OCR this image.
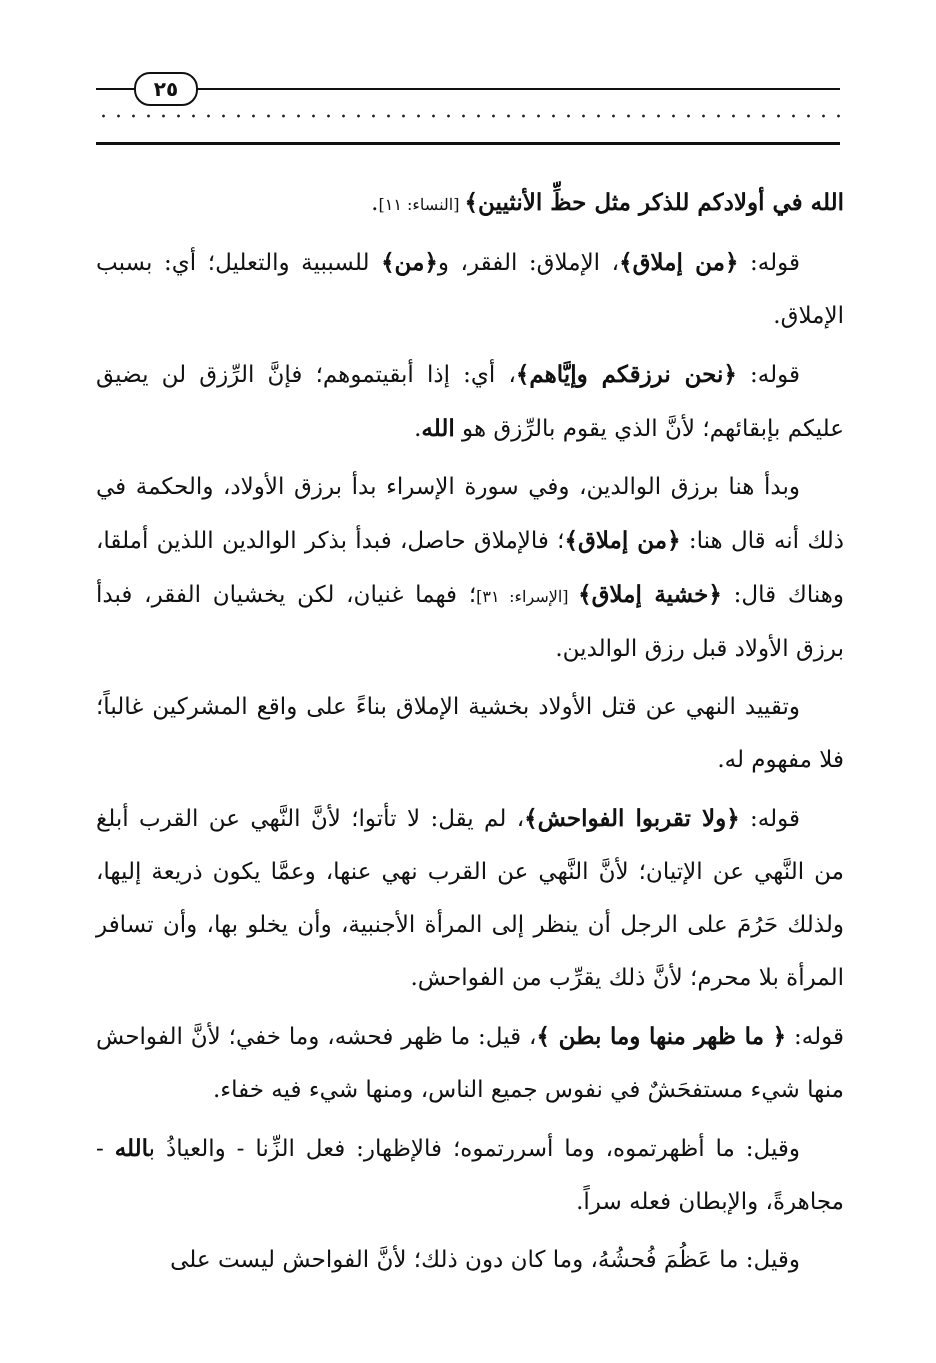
٢٥

الله في أولادكم للذكر مثل حظِّ الأنثيين﴾ [النساء: ١١].

قوله: ﴿من إملاق﴾، الإملاق: الفقر، و﴿من﴾ للسببية والتعليل؛ أي: بسبب الإملاق.

قوله: ﴿نحن نرزقكم وإيَّاهم﴾، أي: إذا أبقيتموهم؛ فإنَّ الرِّزق لن يضيق عليكم بإبقائهم؛ لأنَّ الذي يقوم بالرِّزق هو الله.

وبدأ هنا برزق الوالدين، وفي سورة الإسراء بدأ برزق الأولاد، والحكمة في ذلك أنه قال هنا: ﴿من إملاق﴾؛ فالإملاق حاصل، فبدأ بذكر الوالدين اللذين أملقا، وهناك قال: ﴿خشية إملاق﴾ [الإسراء: ٣١]؛ فهما غنيان، لكن يخشيان الفقر، فبدأ برزق الأولاد قبل رزق الوالدين.

وتقييد النهي عن قتل الأولاد بخشية الإملاق بناءً على واقع المشركين غالباً؛ فلا مفهوم له.

قوله: ﴿ولا تقربوا الفواحش﴾، لم يقل: لا تأتوا؛ لأنَّ النَّهي عن القرب أبلغ من النَّهي عن الإتيان؛ لأنَّ النَّهي عن القرب نهي عنها، وعمَّا يكون ذريعة إليها، ولذلك حَرُمَ على الرجل أن ينظر إلى المرأة الأجنبية، وأن يخلو بها، وأن تسافر المرأة بلا محرم؛ لأنَّ ذلك يقرِّب من الفواحش.

قوله: ﴿ ما ظهر منها وما بطن ﴾، قيل: ما ظهر فحشه، وما خفي؛ لأنَّ الفواحش منها شيء مستفحَشٌ في نفوس جميع الناس، ومنها شيء فيه خفاء.

وقيل: ما أظهرتموه، وما أسررتموه؛ فالإظهار: فعل الزِّنا - والعياذُ بالله - مجاهرةً، والإبطان فعله سراً.

وقيل: ما عَظُمَ فُحشُهُ، وما كان دون ذلك؛ لأنَّ الفواحش ليست على
